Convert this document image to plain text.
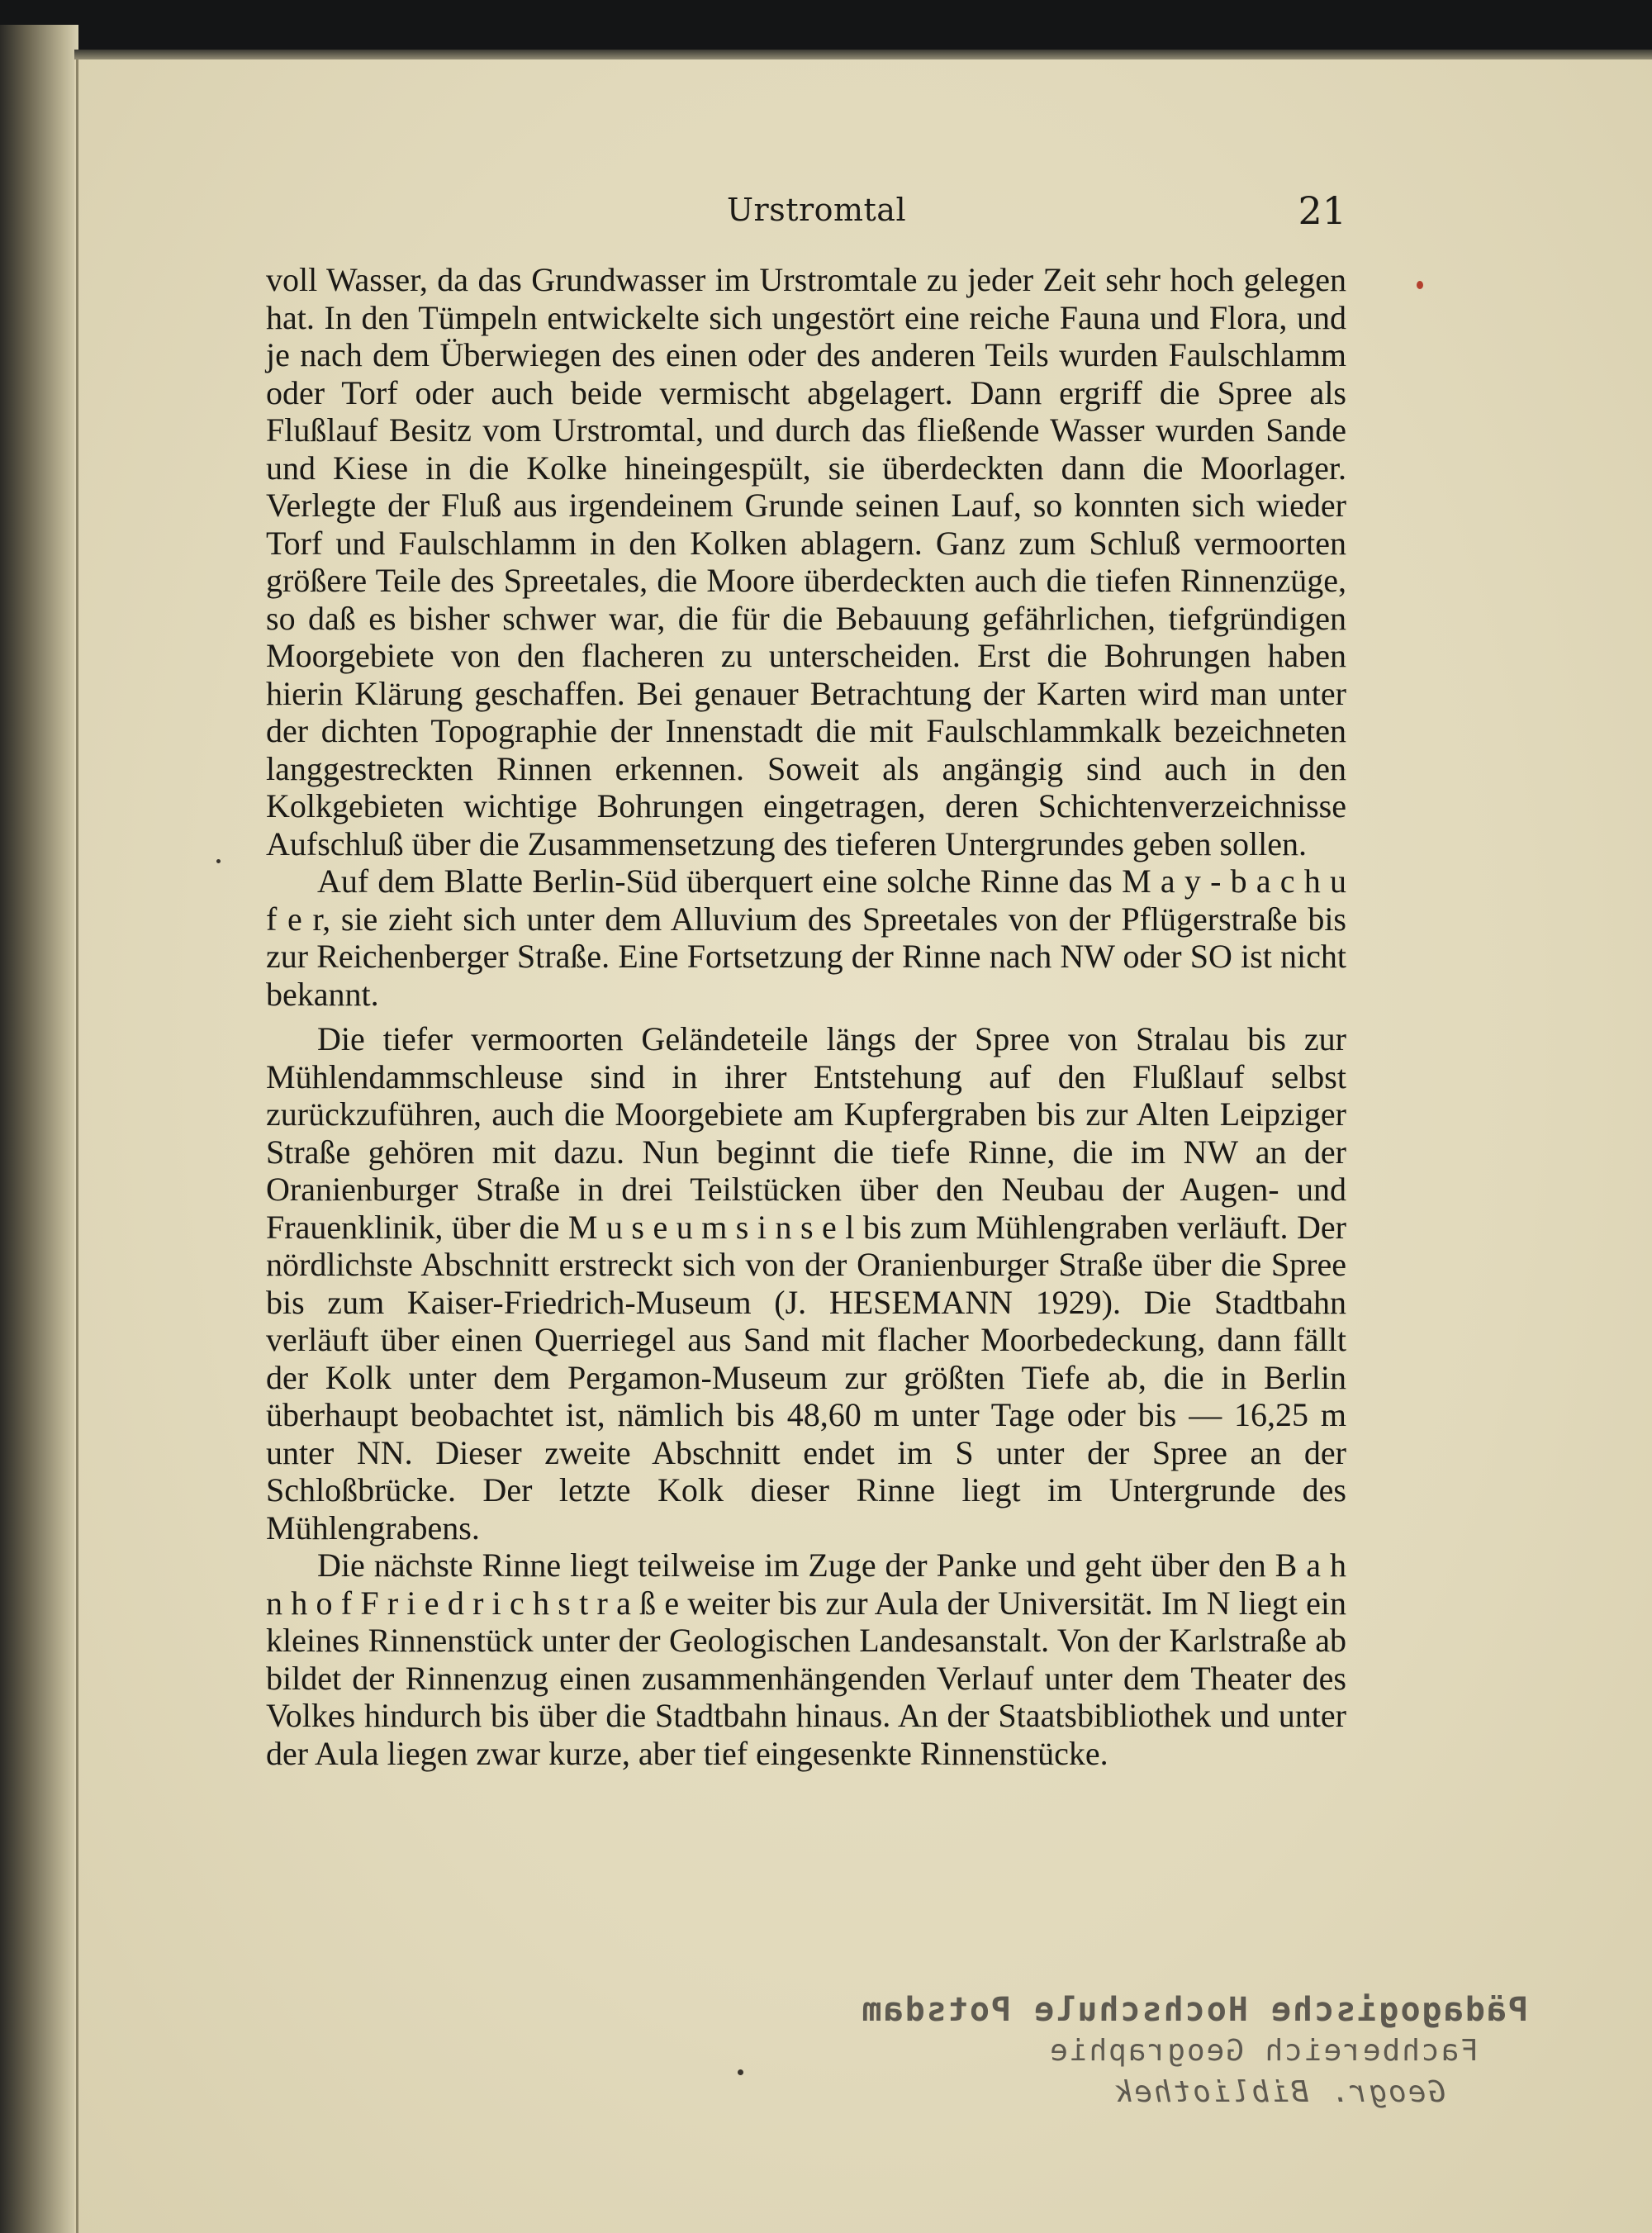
Urstromtal	21

voll Wasser, da das Grundwasser im Urstromtale zu jeder Zeit sehr hoch gelegen hat. In den Tümpeln entwickelte sich ungestört eine reiche Fauna und Flora, und je nach dem Überwiegen des einen oder des anderen Teils wurden Faulschlamm oder Torf oder auch beide vermischt abgelagert. Dann ergriff die Spree als Flußlauf Besitz vom Urstromtal, und durch das fließende Wasser wurden Sande und Kiese in die Kolke hineingespült, sie überdeckten dann die Moorlager. Verlegte der Fluß aus irgendeinem Grunde seinen Lauf, so konnten sich wieder Torf und Faulschlamm in den Kolken ablagern. Ganz zum Schluß vermoorten größere Teile des Spreetales, die Moore überdeckten auch die tiefen Rinnenzüge, so daß es bisher schwer war, die für die Bebauung gefährlichen, tiefgründigen Moorgebiete von den flacheren zu unterscheiden. Erst die Bohrungen haben hierin Klärung geschaffen. Bei genauer Betrachtung der Karten wird man unter der dichten Topographie der Innenstadt die mit Faulschlammkalk bezeichneten langgestreckten Rinnen erkennen. Soweit als angängig sind auch in den Kolkgebieten wichtige Bohrungen eingetragen, deren Schichtenverzeichnisse Aufschluß über die Zusammensetzung des tieferen Untergrundes geben sollen.

Auf dem Blatte Berlin-Süd überquert eine solche Rinne das M a y - b a c h u f e r, sie zieht sich unter dem Alluvium des Spreetales von der Pflügerstraße bis zur Reichenberger Straße. Eine Fortsetzung der Rinne nach NW oder SO ist nicht bekannt.

Die tiefer vermoorten Geländeteile längs der Spree von Stralau bis zur Mühlendammschleuse sind in ihrer Entstehung auf den Flußlauf selbst zurückzuführen, auch die Moorgebiete am Kupfergraben bis zur Alten Leipziger Straße gehören mit dazu. Nun beginnt die tiefe Rinne, die im NW an der Oranienburger Straße in drei Teilstücken über den Neubau der Augen- und Frauenklinik, über die M u s e u m s i n s e l bis zum Mühlengraben verläuft. Der nördlichste Abschnitt erstreckt sich von der Oranienburger Straße über die Spree bis zum Kaiser-Friedrich-Museum (J. HESEMANN 1929). Die Stadtbahn verläuft über einen Querriegel aus Sand mit flacher Moorbedeckung, dann fällt der Kolk unter dem Pergamon-Museum zur größten Tiefe ab, die in Berlin überhaupt beobachtet ist, nämlich bis 48,60 m unter Tage oder bis — 16,25 m unter NN. Dieser zweite Abschnitt endet im S unter der Spree an der Schloßbrücke. Der letzte Kolk dieser Rinne liegt im Untergrunde des Mühlengrabens.

Die nächste Rinne liegt teilweise im Zuge der Panke und geht über den B a h n h o f F r i e d r i c h s t r a ß e weiter bis zur Aula der Universität. Im N liegt ein kleines Rinnenstück unter der Geologischen Landesanstalt. Von der Karlstraße ab bildet der Rinnenzug einen zusammenhängenden Verlauf unter dem Theater des Volkes hindurch bis über die Stadtbahn hinaus. An der Staatsbibliothek und unter der Aula liegen zwar kurze, aber tief eingesenkte Rinnenstücke.

Pädagogische Hochschule Potsdam
Fachbereich Geographie
Geogr. Bibliothek
